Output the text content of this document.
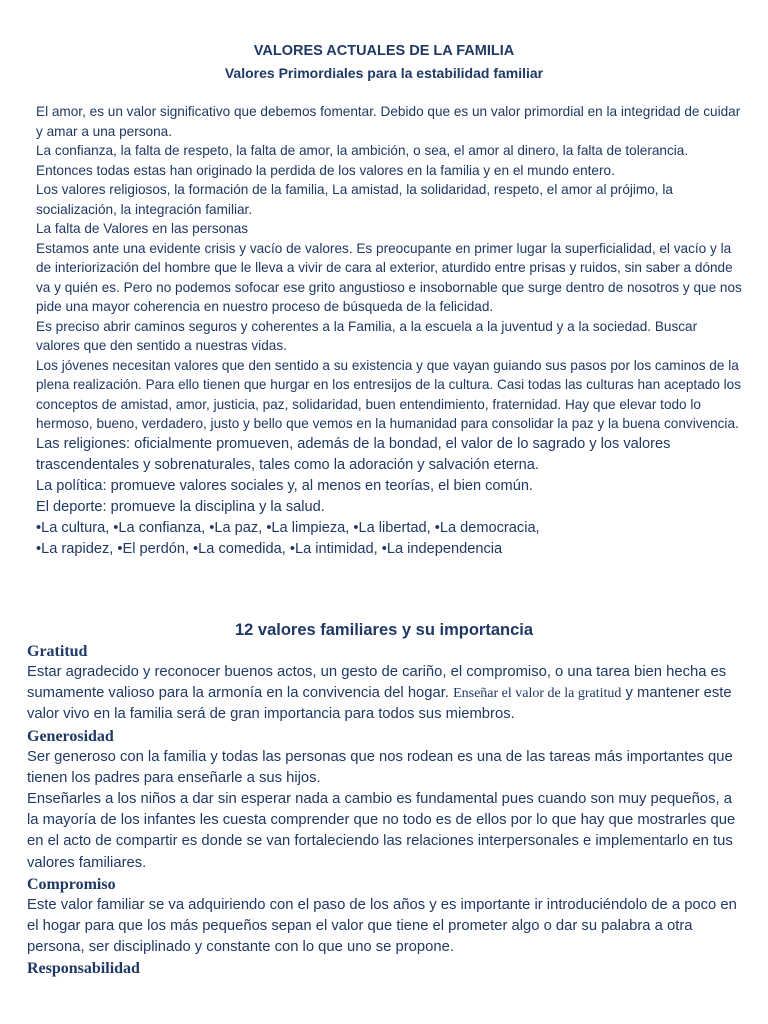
VALORES ACTUALES DE LA FAMILIA
Valores Primordiales para la estabilidad familiar

El amor, es un valor significativo que debemos fomentar. Debido que es un valor primordial en la integridad de cuidar y amar a una persona.

La confianza, la falta de respeto, la falta de amor, la ambición, o sea, el amor al dinero, la falta de tolerancia.

Entonces todas estas han originado la perdida de los valores en la familia y en el mundo entero.

Los valores religiosos, la formación de la familia, La amistad, la solidaridad, respeto, el amor al prójimo, la socialización, la integración familiar.

La falta de Valores en las personas

Estamos ante una evidente crisis y vacío de valores. Es preocupante en primer lugar la superficialidad, el vacío y la de interiorización del hombre que le lleva a vivir de cara al exterior, aturdido entre prisas y ruidos, sin saber a dónde va y quién es. Pero no podemos sofocar ese grito angustioso e insobornable que surge dentro de nosotros y que nos pide una mayor coherencia en nuestro proceso de búsqueda de la felicidad.

Es preciso abrir caminos seguros y coherentes a la Familia, a la escuela a la juventud y a la sociedad. Buscar valores que den sentido a nuestras vidas.

Los jóvenes necesitan valores que den sentido a su existencia y que vayan guiando sus pasos por los caminos de la plena realización. Para ello tienen que hurgar en los entresijos de la cultura. Casi todas las culturas han aceptado los conceptos de amistad, amor, justicia, paz, solidaridad, buen entendimiento, fraternidad. Hay que elevar todo lo hermoso, bueno, verdadero, justo y bello que vemos en la humanidad para consolidar la paz y la buena convivencia.

Las religiones: oficialmente promueven, además de la bondad, el valor de lo sagrado y los valores trascendentales y sobrenaturales, tales como la adoración y salvación eterna.

La política: promueve valores sociales y, al menos en teorías, el bien común.

El deporte: promueve la disciplina y la salud.

•La cultura, •La confianza, •La paz, •La limpieza, •La libertad, •La democracia,

•La rapidez, •El perdón, •La comedida, •La intimidad, •La independencia

12 valores familiares y su importancia
Gratitud

Estar agradecido y reconocer buenos actos, un gesto de cariño, el compromiso, o una tarea bien hecha es sumamente valioso para la armonía en la convivencia del hogar. Enseñar el valor de la gratitud y mantener este valor vivo en la familia será de gran importancia para todos sus miembros.

Generosidad

Ser generoso con la familia y todas las personas que nos rodean es una de las tareas más importantes que tienen los padres para enseñarle a sus hijos.

Enseñarles a los niños a dar sin esperar nada a cambio es fundamental pues cuando son muy pequeños, a la mayoría de los infantes les cuesta comprender que no todo es de ellos por lo que hay que mostrarles que en el acto de compartir es donde se van fortaleciendo las relaciones interpersonales e implementarlo en tus valores familiares.

Compromiso

Este valor familiar se va adquiriendo con el paso de los años y es importante ir introduciéndolo de a poco en el hogar para que los más pequeños sepan el valor que tiene el prometer algo o dar su palabra a otra persona, ser disciplinado y constante con lo que uno se propone.

Responsabilidad
